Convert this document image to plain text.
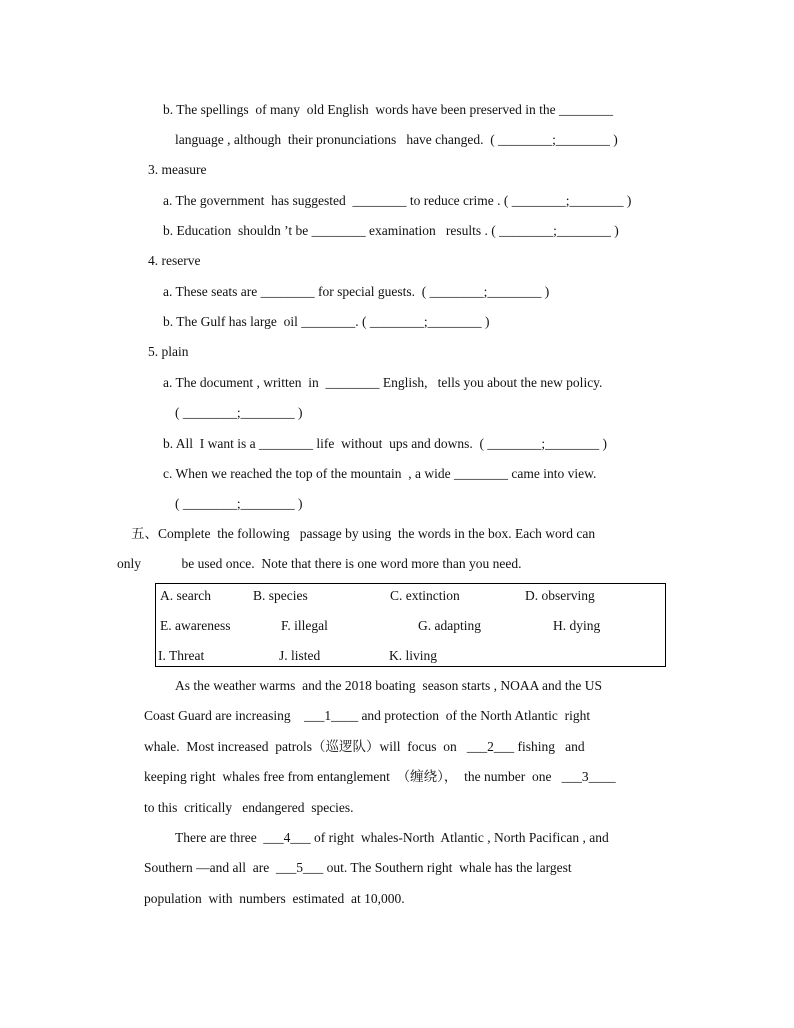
b. The spellings  of many  old English  words have been preserved in the ________
language , although  their pronunciations   have changed.  ( ________;________ )
3. measure
a. The government  has suggested  ________ to reduce crime . ( ________;________ )
b. Education  shouldn ’t be ________ examination   results . ( ________;________ )
4. reserve
a. These seats are ________ for special guests.  ( ________;________ )
b. The Gulf has large  oil ________. ( ________;________ )
5. plain
a. The document , written  in  ________ English,   tells you about the new policy.
( ________;________ )
b. All  I want is a ________ life  without  ups and downs.  ( ________;________ )
c. When we reached the top of the mountain  , a wide ________ came into view.
( ________;________ )
五、Complete  the following   passage by using  the words in the box. Each word can
only            be used once.  Note that there is one word more than you need.
A. search	B. species	C. extinction	D. observing
E. awareness	F. illegal	G. adapting	H. dying
I. Threat	J. listed	K. living
As the weather warms  and the 2018 boating  season starts , NOAA and the US
Coast Guard are increasing    ___1____ and protection  of the North Atlantic  right
whale.  Most increased  patrols（巡逻队）will  focus  on   ___2___ fishing   and
keeping right  whales free from entanglement  （缠绕），  the number  one   ___3____
to this  critically   endangered  species.
There are three  ___4___ of right  whales-North  Atlantic , North Pacifican , and
Southern —and all  are  ___5___ out. The Southern right  whale has the largest
population  with  numbers  estimated  at 10,000.
